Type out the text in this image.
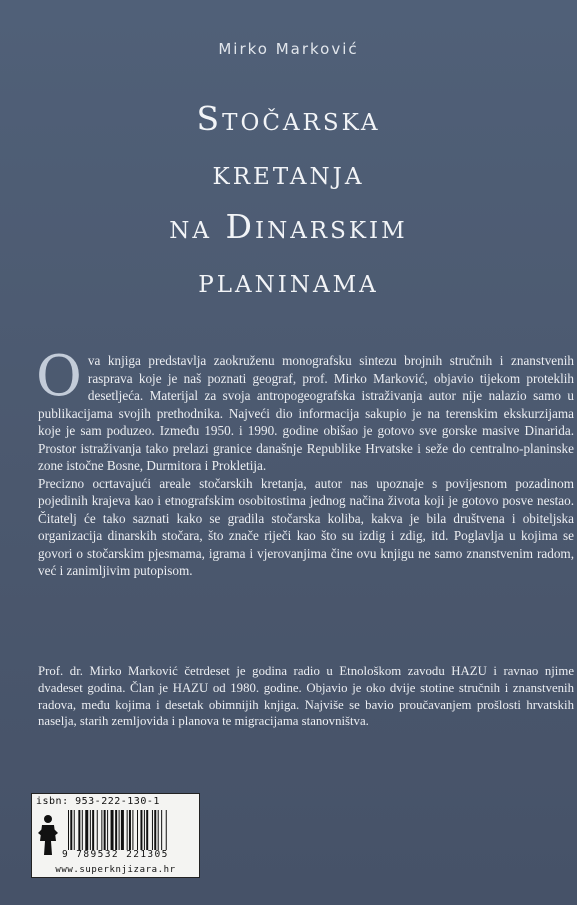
Mirko Marković
Stočarska
kretanja
na Dinarskim
planinama

Ova knjiga predstavlja zaokruženu monografsku sintezu brojnih stručnih i znanstvenih rasprava koje je naš poznati geograf, prof. Mirko Marković, objavio tijekom proteklih desetljeća. Materijal za svoja antropogeografska istraživanja autor nije nalazio samo u publikacijama svojih prethodnika. Najveći dio informacija sakupio je na terenskim ekskurzijama koje je sam poduzeo. Između 1950. i 1990. godine obišao je gotovo sve gorske masive Dinarida. Prostor istraživanja tako prelazi granice današnje Republike Hrvatske i seže do centralno-planinske zone istočne Bosne, Durmitora i Prokletija.

Precizno ocrtavajući areale stočarskih kretanja, autor nas upoznaje s povijesnom pozadinom pojedinih krajeva kao i etnografskim osobitostima jednog načina života koji je gotovo posve nestao. Čitatelj će tako saznati kako se gradila stočarska koliba, kakva je bila društvena i obiteljska organizacija dinarskih stočara, što znače riječi kao što su izdig i zdig, itd. Poglavlja u kojima se govori o stočarskim pjesmama, igrama i vjerovanjima čine ovu knjigu ne samo znanstvenim radom, već i zanimljivim putopisom.

Prof. dr. Mirko Marković četrdeset je godina radio u Etnološkom zavodu HAZU i ravnao njime dvadeset godina. Član je HAZU od 1980. godine. Objavio je oko dvije stotine stručnih i znanstvenih radova, među kojima i desetak obimnijih knjiga. Najviše se bavio proučavanjem prošlosti hrvatskih naselja, starih zemljovida i planova te migracijama stanovništva.
isbn: 953-222-130-1
9 789532 221305
www.superknjizara.hr
